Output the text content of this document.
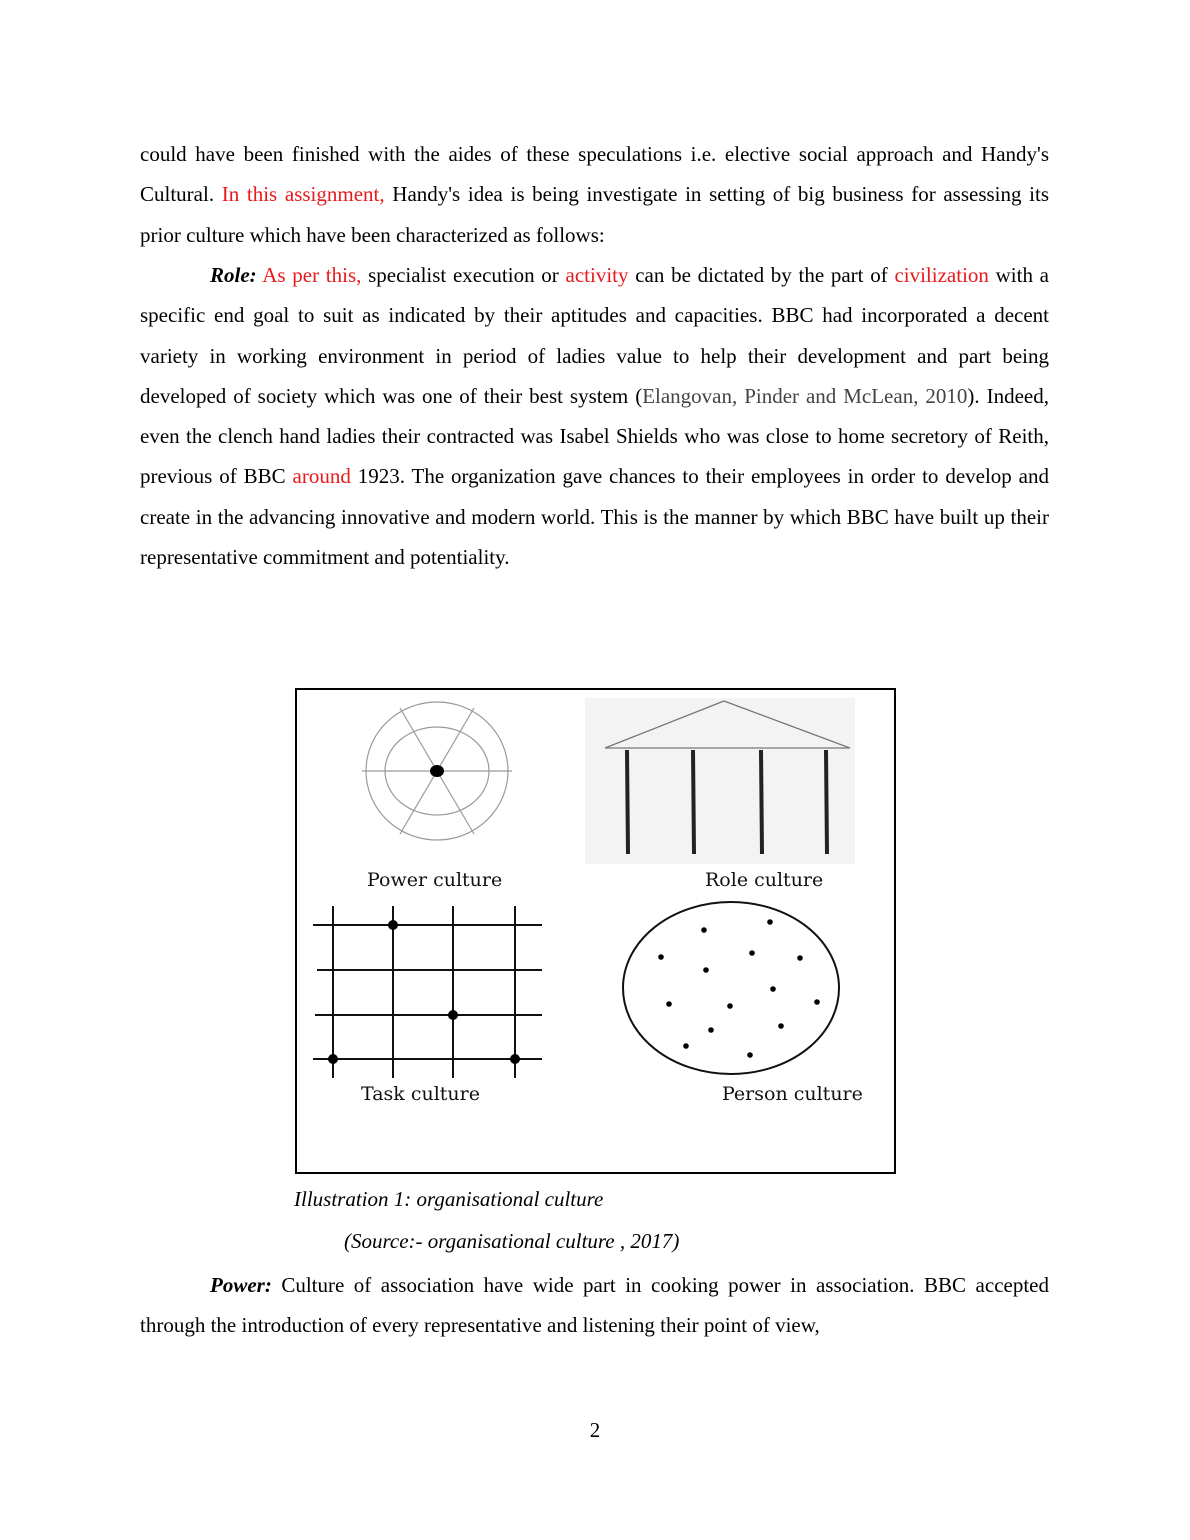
could have been finished with the aides of these speculations i.e. elective social approach and Handy's Cultural. In this assignment, Handy's idea is being investigate in setting of big business for assessing its prior culture which have been characterized as follows:

Role: As per this, specialist execution or activity can be dictated by the part of civilization with a specific end goal to suit as indicated by their aptitudes and capacities. BBC had incorporated a decent variety in working environment in period of ladies value to help their development and part being developed of society which was one of their best system (Elangovan, Pinder and McLean, 2010). Indeed, even the clench hand ladies their contracted was Isabel Shields who was close to home secretory of Reith, previous of BBC around 1923. The organization gave chances to their employees in order to develop and create in the advancing innovative and modern world. This is the manner by which BBC have built up their representative commitment and potentiality.

Power culture	Role culture
Task culture	Person culture

Illustration 1: organisational culture

(Source:- organisational culture , 2017)

Power: Culture of association have wide part in cooking power in association. BBC accepted through the introduction of every representative and listening their point of view,

2
